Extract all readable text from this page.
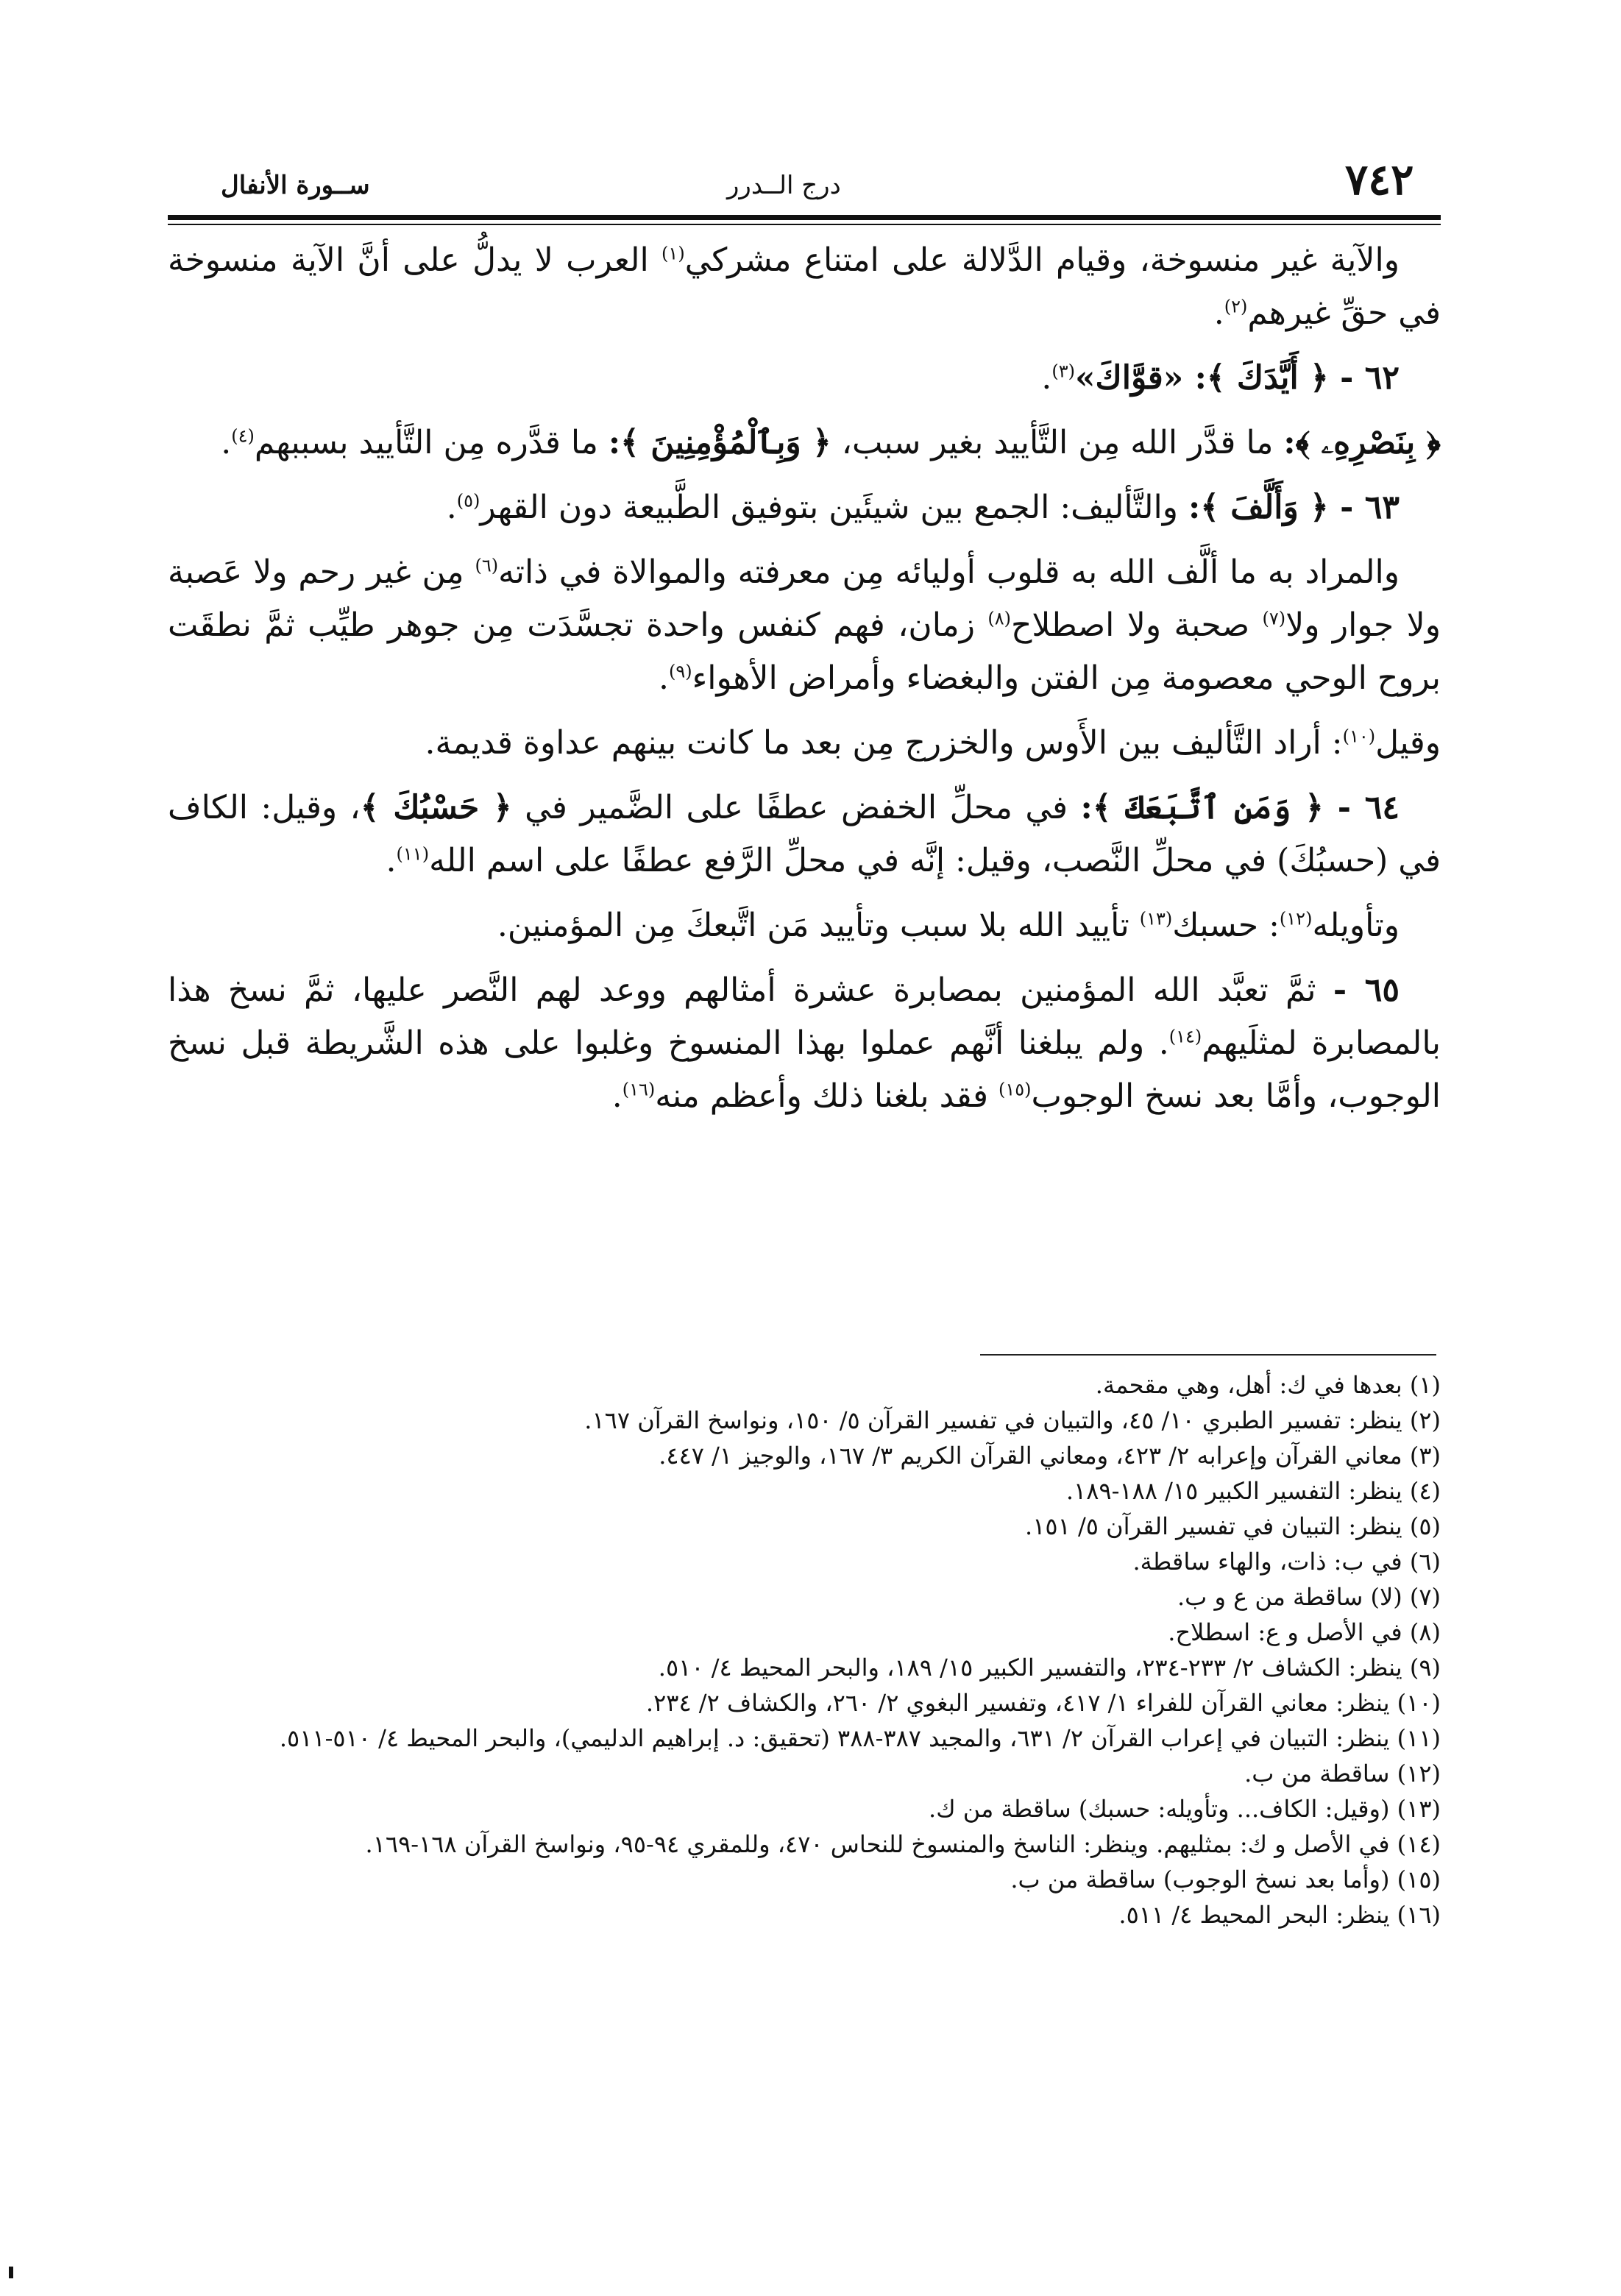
٧٤٢
درج الــدرر
ســورة الأنفال

والآية غير منسوخة، وقيام الدَّلالة على امتناع مشركي$^{(١)}$ العرب لا يدلُّ على أنَّ الآية منسوخة في حقِّ غيرهم$^{(٢)}$.

٦٢ - ﴿ أَيَّدَكَ ﴾: «قوَّاكَ»$^{(٣)}$.

﴿ بِنَصْرِهِۦ ﴾: ما قدَّر الله مِن التَّأييد بغير سبب، ﴿ وَبِٱلْمُؤْمِنِينَ ﴾: ما قدَّره مِن التَّأييد بسببهم$^{(٤)}$.

٦٣ - ﴿ وَأَلَّفَ ﴾: والتَّأليف: الجمع بين شيئَين بتوفيق الطَّبيعة دون القهر$^{(٥)}$.

والمراد به ما ألَّف الله به قلوب أوليائه مِن معرفته والموالاة في ذاته$^{(٦)}$ مِن غير رحم ولا عَصبة ولا جوار ولا$^{(٧)}$ صحبة ولا اصطلاح$^{(٨)}$ زمان، فهم كنفس واحدة تجسَّدَت مِن جوهر طيِّب ثمَّ نطقَت بروح الوحي معصومة مِن الفتن والبغضاء وأمراض الأهواء$^{(٩)}$.

وقيل$^{(١٠)}$: أراد التَّأليف بين الأَوس والخزرج مِن بعد ما كانت بينهم عداوة قديمة.

٦٤ - ﴿ وَمَنِ ٱتَّبَعَكَ ﴾: في محلِّ الخفض عطفًا على الضَّمير في ﴿ حَسْبُكَ ﴾، وقيل: الكاف في (حسبُكَ) في محلِّ النَّصب، وقيل: إنَّه في محلِّ الرَّفع عطفًا على اسم الله$^{(١١)}$.

وتأويله$^{(١٢)}$: حسبك$^{(١٣)}$ تأييد الله بلا سبب وتأييد مَن اتَّبعكَ مِن المؤمنين.

٦٥ - ثمَّ تعبَّد الله المؤمنين بمصابرة عشرة أمثالهم ووعد لهم النَّصر عليها، ثمَّ نسخ هذا بالمصابرة لمثلَيهم$^{(١٤)}$. ولم يبلغنا أنَّهم عملوا بهذا المنسوخ وغلبوا على هذه الشَّريطة قبل نسخ الوجوب، وأمَّا بعد نسخ الوجوب$^{(١٥)}$ فقد بلغنا ذلك وأعظم منه$^{(١٦)}$.

(١) بعدها في ك: أهل، وهي مقحمة.

(٢) ينظر: تفسير الطبري ١٠/ ٤٥، والتبيان في تفسير القرآن ٥/ ١٥٠، ونواسخ القرآن ١٦٧.

(٣) معاني القرآن وإعرابه ٢/ ٤٢٣، ومعاني القرآن الكريم ٣/ ١٦٧، والوجيز ١/ ٤٤٧.

(٤) ينظر: التفسير الكبير ١٥/ ١٨٨-١٨٩.

(٥) ينظر: التبيان في تفسير القرآن ٥/ ١٥١.

(٦) في ب: ذات، والهاء ساقطة.

(٧) (لا) ساقطة من ع و ب.

(٨) في الأصل و ع: اسطلاح.

(٩) ينظر: الكشاف ٢/ ٢٣٣-٢٣٤، والتفسير الكبير ١٥/ ١٨٩، والبحر المحيط ٤/ ٥١٠.

(١٠) ينظر: معاني القرآن للفراء ١/ ٤١٧، وتفسير البغوي ٢/ ٢٦٠، والكشاف ٢/ ٢٣٤.

(١١) ينظر: التبيان في إعراب القرآن ٢/ ٦٣١، والمجيد ٣٨٧-٣٨٨ (تحقيق: د. إبراهيم الدليمي)، والبحر المحيط ٤/ ٥١٠-٥١١.

(١٢) ساقطة من ب.

(١٣) (وقيل: الكاف... وتأويله: حسبك) ساقطة من ك.

(١٤) في الأصل و ك: بمثليهم. وينظر: الناسخ والمنسوخ للنحاس ٤٧٠، وللمقري ٩٤-٩٥، ونواسخ القرآن ١٦٨-١٦٩.

(١٥) (وأما بعد نسخ الوجوب) ساقطة من ب.

(١٦) ينظر: البحر المحيط ٤/ ٥١١.
